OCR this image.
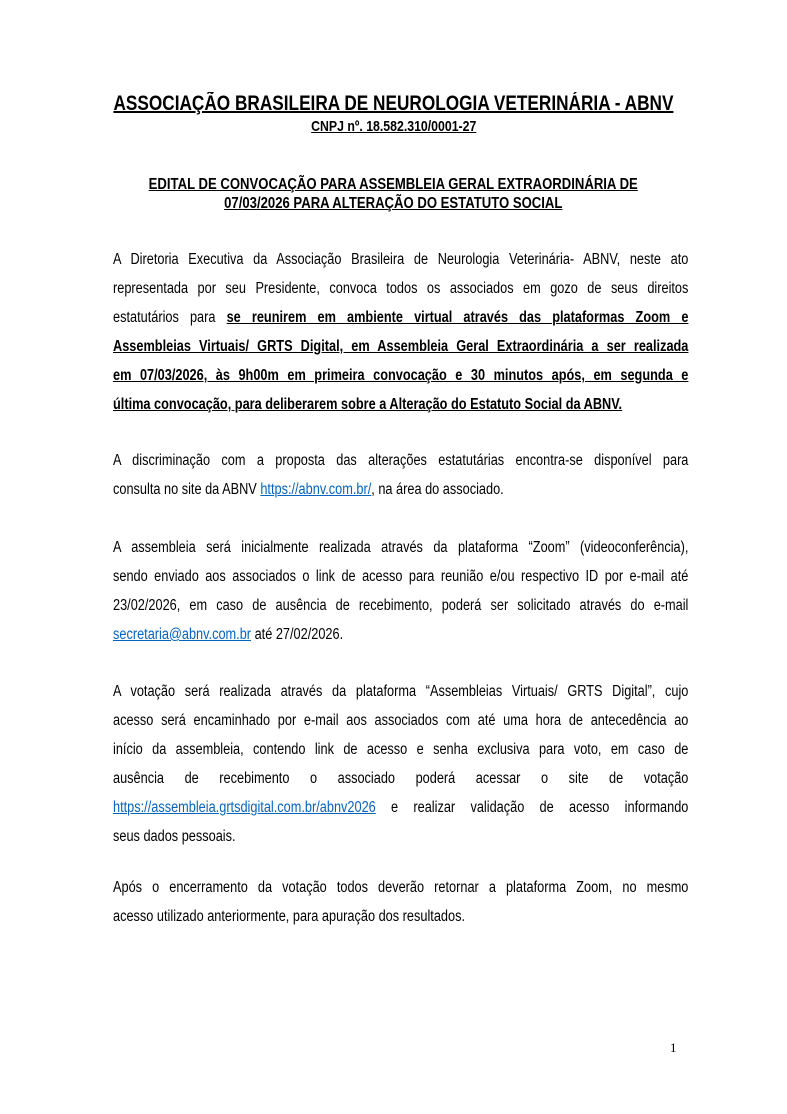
ASSOCIAÇÃO BRASILEIRA DE NEUROLOGIA VETERINÁRIA - ABNV
CNPJ nº. 18.582.310/0001-27
EDITAL DE CONVOCAÇÃO PARA ASSEMBLEIA GERAL EXTRAORDINÁRIA DE
07/03/2026 PARA ALTERAÇÃO DO ESTATUTO SOCIAL
A Diretoria Executiva da Associação Brasileira de Neurologia Veterinária- ABNV, neste ato
representada por seu Presidente, convoca todos os associados em gozo de seus direitos
estatutários para se reunirem em ambiente virtual através das plataformas Zoom e
Assembleias Virtuais/ GRTS Digital, em Assembleia Geral Extraordinária a ser realizada
em 07/03/2026, às 9h00m em primeira convocação e 30 minutos após, em segunda e
última convocação, para deliberarem sobre a Alteração do Estatuto Social da ABNV.
A discriminação com a proposta das alterações estatutárias encontra-se disponível para
consulta no site da ABNV https://abnv.com.br/, na área do associado.
A assembleia será inicialmente realizada através da plataforma “Zoom” (videoconferência),
sendo enviado aos associados o link de acesso para reunião e/ou respectivo ID por e-mail até
23/02/2026, em caso de ausência de recebimento, poderá ser solicitado através do e-mail
secretaria@abnv.com.br até 27/02/2026.
A votação será realizada através da plataforma “Assembleias Virtuais/ GRTS Digital”, cujo
acesso será encaminhado por e-mail aos associados com até uma hora de antecedência ao
início da assembleia, contendo link de acesso e senha exclusiva para voto, em caso de
ausência de recebimento o associado poderá acessar o site de votação
https://assembleia.grtsdigital.com.br/abnv2026 e realizar validação de acesso informando
seus dados pessoais.
Após o encerramento da votação todos deverão retornar a plataforma Zoom, no mesmo
acesso utilizado anteriormente, para apuração dos resultados.
1
